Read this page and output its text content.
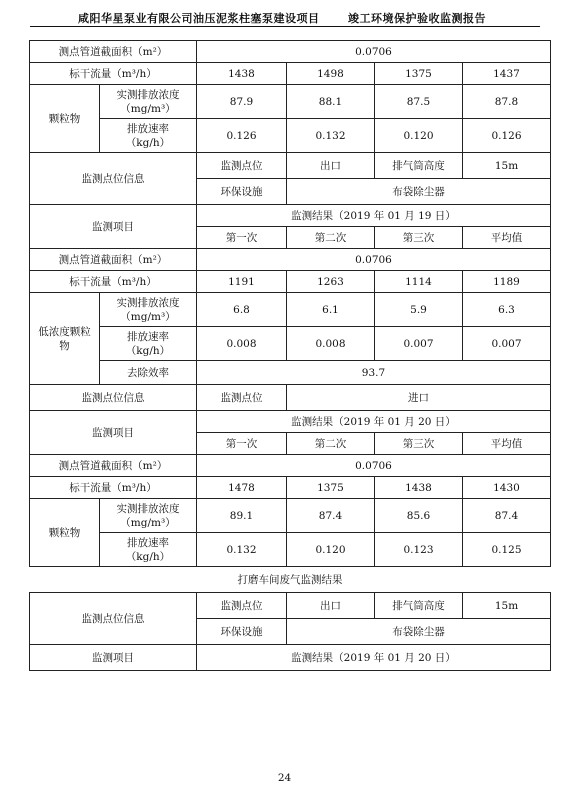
咸阳华星泵业有限公司油压泥浆柱塞泵建设项目	竣工环境保护验收监测报告
测点管道截面积（m²）		0.0706			
标干流量（m³/h）		1438	1498	1375	1437
颗粒物	实测排放浓度
（mg/m³）	87.9	88.1	87.5	87.8
	排放速率
（kg/h）	0.126	0.132	0.120	0.126
监测点位信息		监测点位	出口	排气筒高度	15m
		环保设施	布袋除尘器		
监测项目		监测结果（2019 年 01 月 19 日）			
		第一次	第二次	第三次	平均值
测点管道截面积（m²）		0.0706			
标干流量（m³/h）		1191	1263	1114	1189
低浓度颗粒
物	实测排放浓度
（mg/m³）	6.8	6.1	5.9	6.3
	排放速率
（kg/h）	0.008	0.008	0.007	0.007
	去除效率	93.7			
监测点位信息		监测点位	进口		
监测项目		监测结果（2019 年 01 月 20 日）			
		第一次	第二次	第三次	平均值
测点管道截面积（m²）		0.0706			
标干流量（m³/h）		1478	1375	1438	1430
颗粒物	实测排放浓度
（mg/m³）	89.1	87.4	85.6	87.4
	排放速率
（kg/h）	0.132	0.120	0.123	0.125
打磨车间废气监测结果					
监测点位信息		监测点位	出口	排气筒高度	15m
		环保设施	布袋除尘器		
监测项目		监测结果（2019 年 01 月 20 日）			
24
